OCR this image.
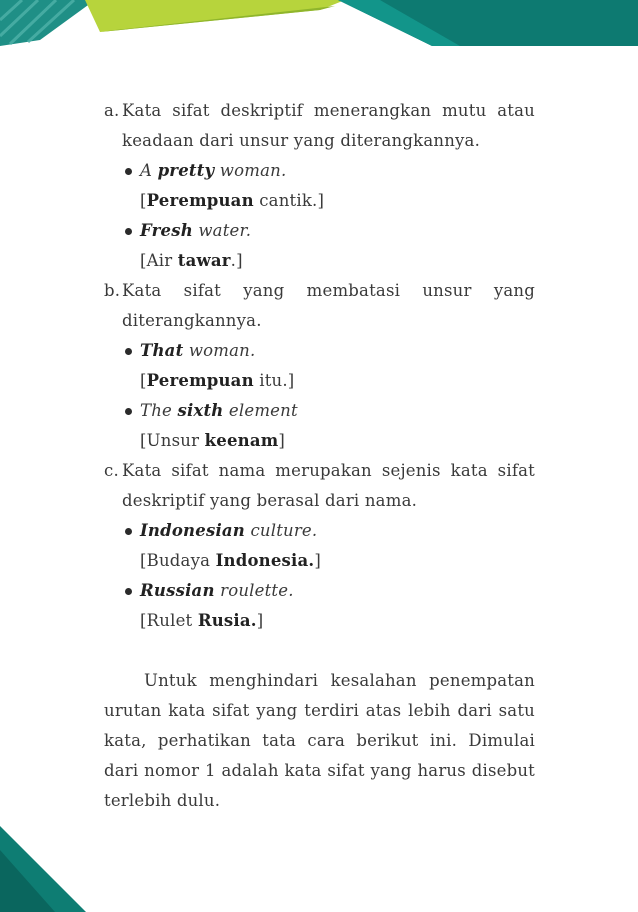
a. Kata sifat deskriptif menerangkan mutu atau
keadaan dari unsur yang diterangkannya.
A pretty woman.
[Perempuan cantik.]
Fresh water.
[Air tawar.]
b. Kata sifat yang membatasi unsur yang
diterangkannya.
That woman.
[Perempuan itu.]
The sixth element
[Unsur keenam]
c. Kata sifat nama merupakan sejenis kata sifat
deskriptif yang berasal dari nama.
Indonesian culture.
[Budaya Indonesia.]
Russian roulette.
[Rulet Rusia.]
Untuk menghindari kesalahan penempatan
urutan kata sifat yang terdiri atas lebih dari satu
kata, perhatikan tata cara berikut ini. Dimulai
dari nomor 1 adalah kata sifat yang harus disebut
terlebih dulu.
